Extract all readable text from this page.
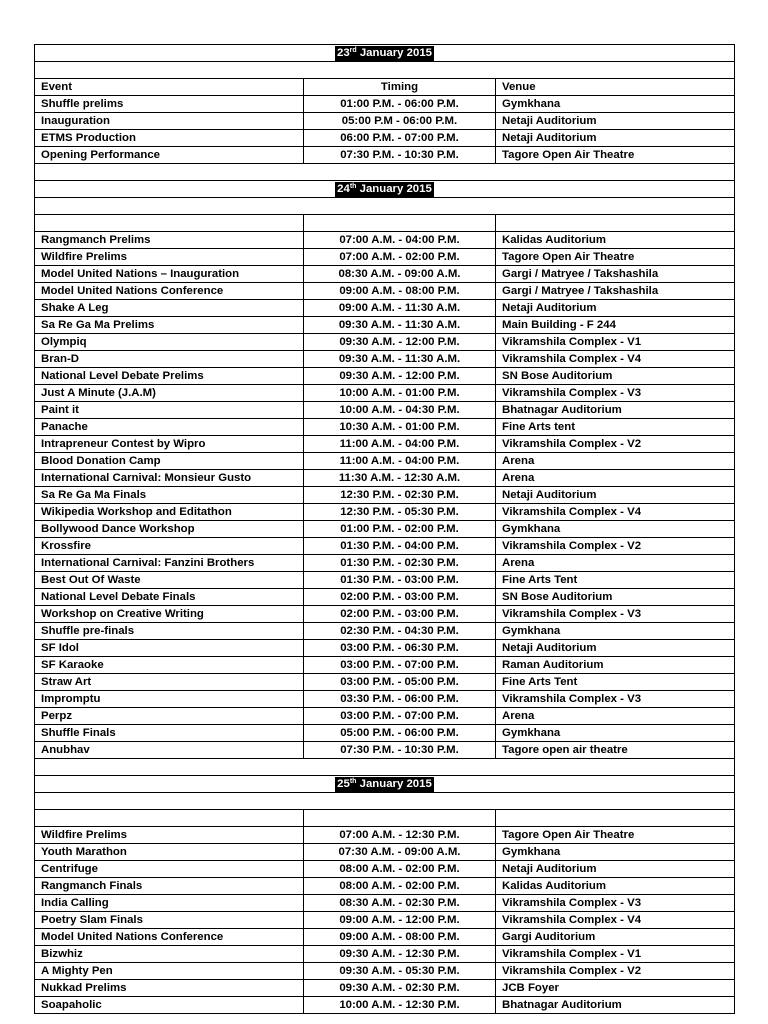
23rd January 2015		

Event	Timing	Venue
Shuffle prelims	01:00 P.M. - 06:00 P.M.	Gymkhana
Inauguration	05:00 P.M - 06:00 P.M.	Netaji Auditorium
ETMS Production	06:00 P.M. - 07:00 P.M.	Netaji Auditorium
Opening Performance	07:30 P.M. - 10:30 P.M.	Tagore Open Air Theatre

24th January 2015		

Rangmanch Prelims	07:00 A.M. - 04:00 P.M.	Kalidas Auditorium
Wildfire Prelims	07:00 A.M. - 02:00 P.M.	Tagore Open Air Theatre
Model United Nations – Inauguration	08:30 A.M. - 09:00 A.M.	Gargi / Matryee / Takshashila
Model United Nations Conference	09:00 A.M. - 08:00 P.M.	Gargi / Matryee / Takshashila
Shake A Leg	09:00 A.M. - 11:30 A.M.	Netaji Auditorium
Sa Re Ga Ma Prelims	09:30 A.M. - 11:30 A.M.	Main Building - F 244
Olympiq	09:30 A.M. - 12:00 P.M.	Vikramshila Complex - V1
Bran-D	09:30 A.M. - 11:30 A.M.	Vikramshila Complex - V4
National Level Debate Prelims	09:30 A.M. - 12:00 P.M.	SN Bose Auditorium
Just A Minute (J.A.M)	10:00 A.M. - 01:00 P.M.	Vikramshila Complex - V3
Paint it	10:00 A.M. - 04:30 P.M.	Bhatnagar Auditorium
Panache	10:30 A.M. - 01:00 P.M.	Fine Arts tent
Intrapreneur Contest by Wipro	11:00 A.M. - 04:00 P.M.	Vikramshila Complex - V2
Blood Donation Camp	11:00 A.M. - 04:00 P.M.	Arena
International Carnival: Monsieur Gusto	11:30 A.M. - 12:30 A.M.	Arena
Sa Re Ga Ma Finals	12:30 P.M. - 02:30 P.M.	Netaji Auditorium
Wikipedia Workshop and Editathon	12:30 P.M. - 05:30 P.M.	Vikramshila Complex - V4
Bollywood Dance Workshop	01:00 P.M. - 02:00 P.M.	Gymkhana
Krossfire	01:30 P.M. - 04:00 P.M.	Vikramshila Complex - V2
International Carnival: Fanzini Brothers	01:30 P.M. - 02:30 P.M.	Arena
Best Out Of Waste	01:30 P.M. - 03:00 P.M.	Fine Arts Tent
National Level Debate Finals	02:00 P.M. - 03:00 P.M.	SN Bose Auditorium
Workshop on Creative Writing	02:00 P.M. - 03:00 P.M.	Vikramshila Complex - V3
Shuffle pre-finals	02:30 P.M. - 04:30 P.M.	Gymkhana
SF Idol	03:00 P.M. - 06:30 P.M.	Netaji Auditorium
SF Karaoke	03:00 P.M. - 07:00 P.M.	Raman Auditorium
Straw Art	03:00 P.M. - 05:00 P.M.	Fine Arts Tent
Impromptu	03:30 P.M. - 06:00 P.M.	Vikramshila Complex - V3
Perpz	03:00 P.M. - 07:00 P.M.	Arena
Shuffle Finals	05:00 P.M. - 06:00 P.M.	Gymkhana
Anubhav	07:30 P.M. - 10:30 P.M.	Tagore open air theatre

25th January 2015		

Wildfire Prelims	07:00 A.M. - 12:30 P.M.	Tagore Open Air Theatre
Youth Marathon	07:30 A.M. - 09:00 A.M.	Gymkhana
Centrifuge	08:00 A.M. - 02:00 P.M.	Netaji Auditorium
Rangmanch Finals	08:00 A.M. - 02:00 P.M.	Kalidas Auditorium
India Calling	08:30 A.M. - 02:30 P.M.	Vikramshila Complex - V3
Poetry Slam Finals	09:00 A.M. - 12:00 P.M.	Vikramshila Complex - V4
Model United Nations Conference	09:00 A.M. - 08:00 P.M.	Gargi Auditorium
Bizwhiz	09:30 A.M. - 12:30 P.M.	Vikramshila Complex - V1
A Mighty Pen	09:30 A.M. - 05:30 P.M.	Vikramshila Complex - V2
Nukkad Prelims	09:30 A.M. - 02:30 P.M.	JCB Foyer
Soapaholic	10:00 A.M. - 12:30 P.M.	Bhatnagar Auditorium
